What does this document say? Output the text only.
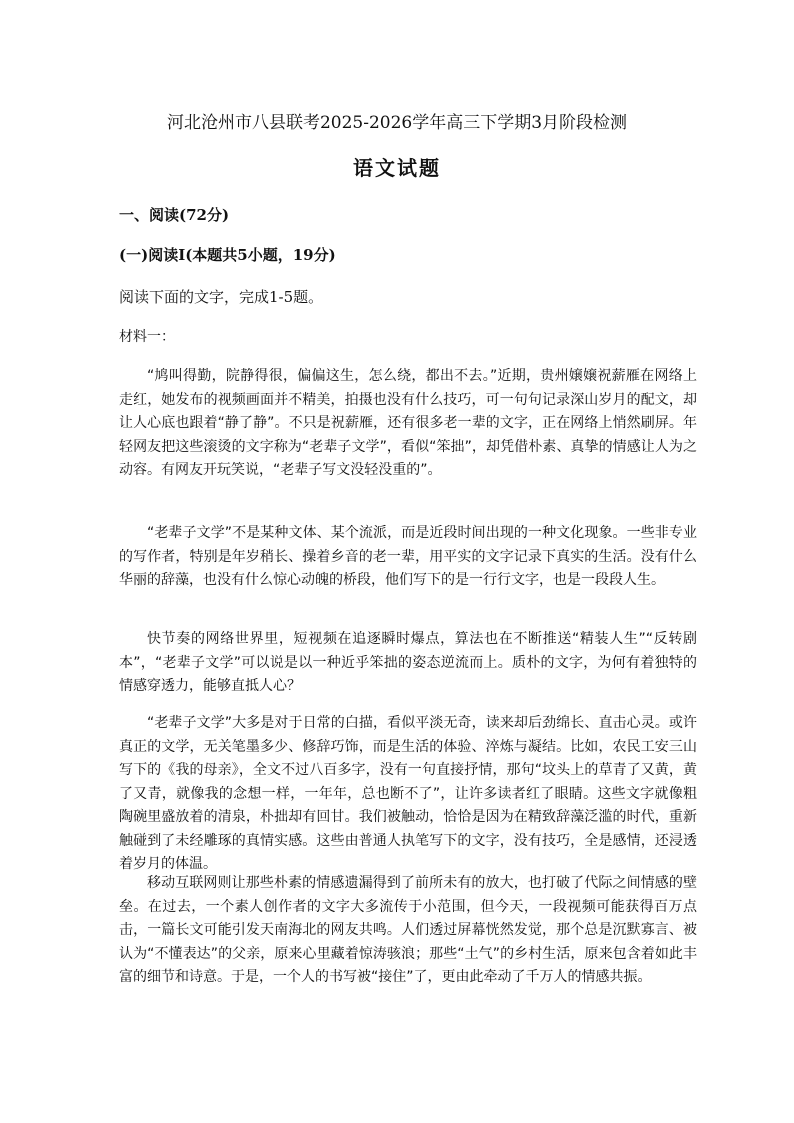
河北沧州市八县联考2025-2026学年高三下学期3月阶段检测
语文试题
一、阅读(72分)
(一)阅读Ⅰ(本题共5小题，19分)
阅读下面的文字，完成1-5题。
材料一：

“鸠叫得勤，院静得很，偏偏这生，怎么绕，都出不去。”近期，贵州嬢嬢祝薪雁在网络上走红，她发布的视频画面并不精美，拍摄也没有什么技巧，可一句句记录深山岁月的配文，却让人心底也跟着“静了静”。不只是祝薪雁，还有很多老一辈的文字，正在网络上悄然刷屏。年轻网友把这些滚烫的文字称为“老辈子文学”，看似“笨拙”，却凭借朴素、真挚的情感让人为之动容。有网友开玩笑说，“老辈子写文没轻没重的”。

“老辈子文学”不是某种文体、某个流派，而是近段时间出现的一种文化现象。一些非专业的写作者，特别是年岁稍长、操着乡音的老一辈，用平实的文字记录下真实的生活。没有什么华丽的辞藻，也没有什么惊心动魄的桥段，他们写下的是一行行文字，也是一段段人生。

快节奏的网络世界里，短视频在追逐瞬时爆点，算法也在不断推送“精装人生”“反转剧本”，“老辈子文学”可以说是以一种近乎笨拙的姿态逆流而上。质朴的文字，为何有着独特的情感穿透力，能够直抵人心？

“老辈子文学”大多是对于日常的白描，看似平淡无奇，读来却后劲绵长、直击心灵。或许真正的文学，无关笔墨多少、修辞巧饰，而是生活的体验、淬炼与凝结。比如，农民工安三山写下的《我的母亲》，全文不过八百多字，没有一句直接抒情，那句“坟头上的草青了又黄，黄了又青，就像我的念想一样，一年年，总也断不了”，让许多读者红了眼睛。这些文字就像粗陶碗里盛放着的清泉，朴拙却有回甘。我们被触动，恰恰是因为在精致辞藻泛滥的时代，重新触碰到了未经雕琢的真情实感。这些由普通人执笔写下的文字，没有技巧，全是感情，还浸透着岁月的体温。

移动互联网则让那些朴素的情感遗漏得到了前所未有的放大，也打破了代际之间情感的壁垒。在过去，一个素人创作者的文字大多流传于小范围，但今天，一段视频可能获得百万点击，一篇长文可能引发天南海北的网友共鸣。人们透过屏幕恍然发觉，那个总是沉默寡言、被认为“不懂表达”的父亲，原来心里藏着惊涛骇浪；那些“土气”的乡村生活，原来包含着如此丰富的细节和诗意。于是，一个人的书写被“接住”了，更由此牵动了千万人的情感共振。
